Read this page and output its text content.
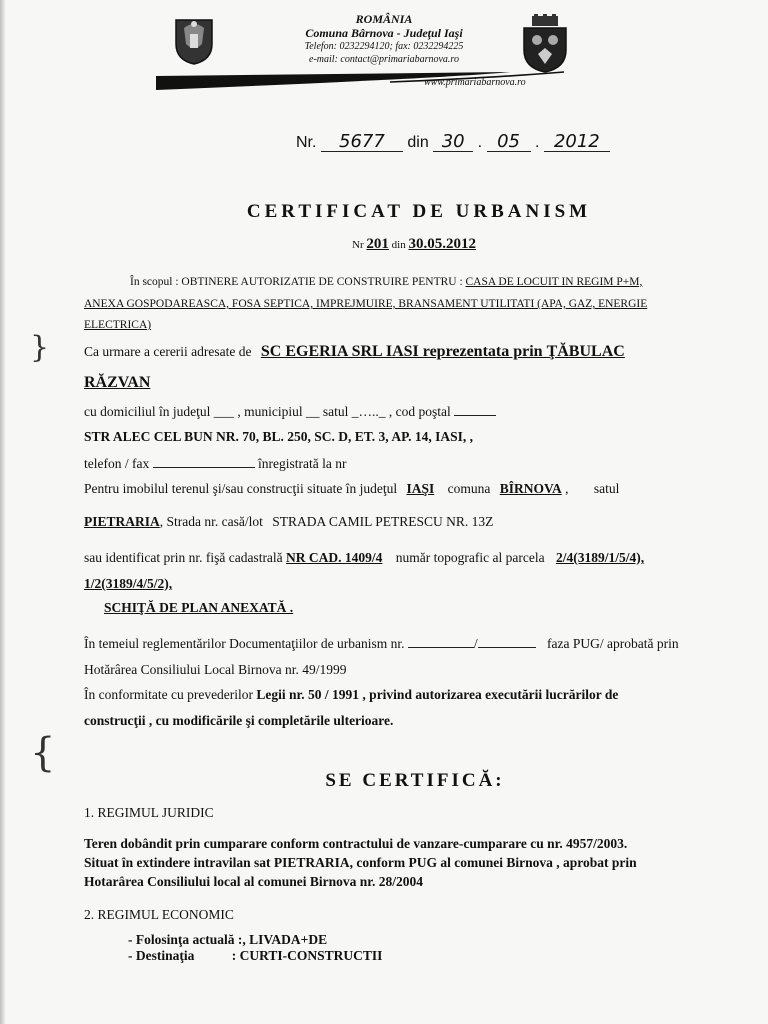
ROMÂNIA
Comuna Bârnova - Judeţul Iaşi
Telefon: 0232294120; fax: 0232294225
e-mail: contact@primariabarnova.ro
www.primariabarnova.ro
Nr. 5677 din 30 . 05 . 2012
CERTIFICAT DE URBANISM
Nr 201 din 30.05.2012
În scopul : OBTINERE AUTORIZATIE DE CONSTRUIRE PENTRU : CASA DE LOCUIT IN REGIM P+M,
ANEXA GOSPODAREASCA, FOSA SEPTICA, IMPREJMUIRE, BRANSAMENT UTILITATI (APA, GAZ, ENERGIE
ELECTRICA)
}	Ca urmare a cererii adresate de SC EGERIA SRL IASI reprezentata prin ŢĂBULAC
RĂZVAN
cu domiciliul în judeţul ___ , municipiul __ satul _….._ , cod poştal
STR ALEC CEL BUN NR. 70, BL. 250, SC. D, ET. 3, AP. 14, IASI, ,
telefon / fax	înregistrată la nr
Pentru imobilul terenul şi/sau construcţii situate în judeţul IAŞI comuna BÎRNOVA , satul
PIETRARIA, Strada nr. casă/lot STRADA CAMIL PETRESCU NR. 13Z
sau identificat prin nr. fişă cadastrală NR CAD. 1409/4 număr topografic al parcela 2/4(3189/1/5/4),
1/2(3189/4/5/2),
SCHIŢĂ DE PLAN ANEXATĂ .
În temeiul reglementărilor Documentaţiilor de urbanism nr.	/	faza PUG/ aprobată prin
Hotărârea Consiliului Local Birnova nr. 49/1999
În conformitate cu prevederilor Legii nr. 50 / 1991 , privind autorizarea executării lucrărilor de
construcţii , cu modificările şi completările ulterioare.
{
SE CERTIFICĂ:
1. REGIMUL JURIDIC
Teren dobândit prin cumparare conform contractului de vanzare-cumparare cu nr. 4957/2003.
Situat în extindere intravilan sat PIETRARIA, conform PUG al comunei Birnova , aprobat prin
Hotarârea Consiliului local al comunei Birnova nr. 28/2004
2. REGIMUL ECONOMIC
- Folosinţa actuală :, LIVADA+DE
- Destinaţia	: CURTI-CONSTRUCTII
